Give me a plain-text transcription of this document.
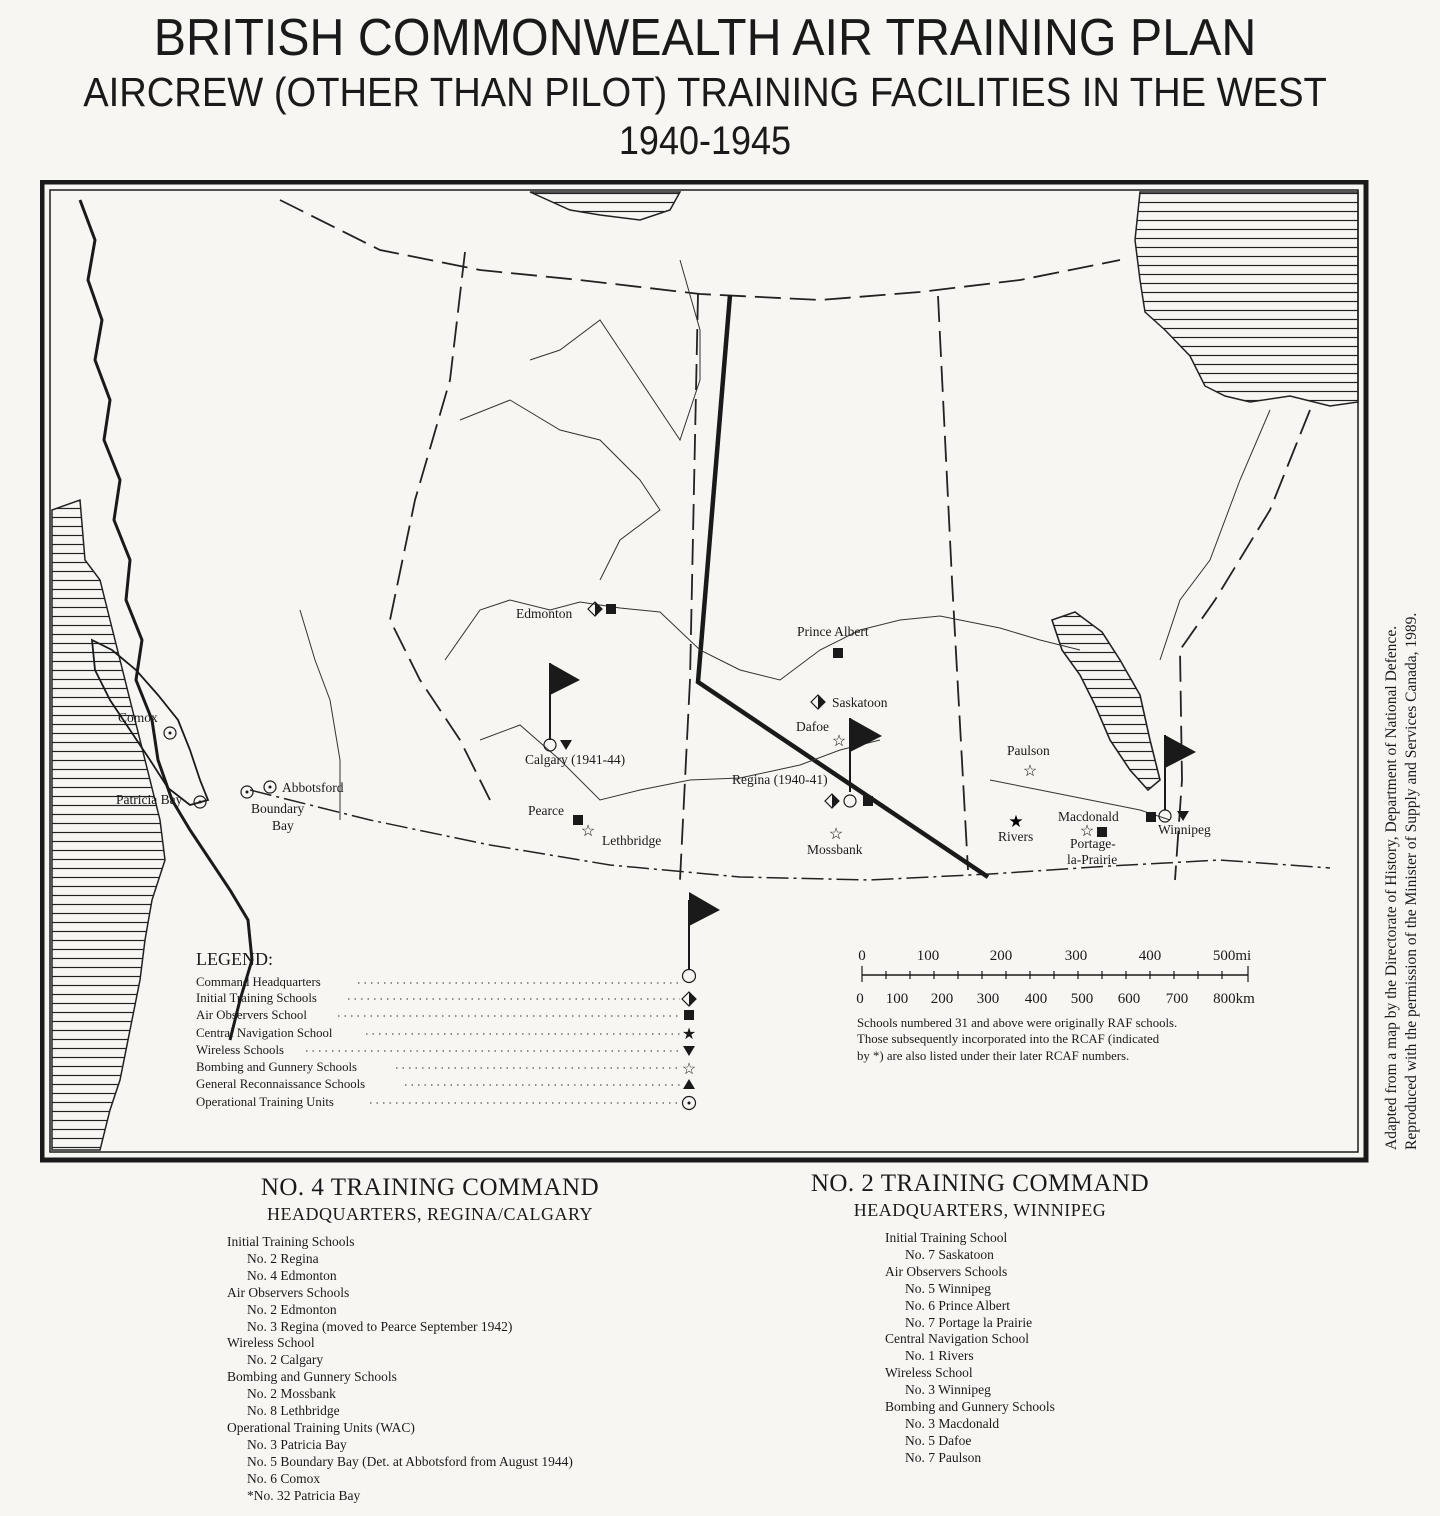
BRITISH COMMONWEALTH AIR TRAINING PLAN
AIRCREW (OTHER THAN PILOT) TRAINING FACILITIES IN THE WEST
1940-1945
☆
☆
☆
☆
★
☆
Edmonton
Calgary (1941-44)
Comox
Patricia Bay
Abbotsford
Boundary
Bay
Pearce
Lethbridge
Prince Albert
Saskatoon
Dafoe
Regina (1940-41)
Mossbank
Paulson
Rivers
Macdonald
Portage-
la-Prairie
Winnipeg
LEGEND:
Command Headquarters
Initial Training Schools
Air Observers School
Central Navigation School
Wireless Schools
Bombing and Gunnery Schools
General Reconnaissance Schools
Operational Training Units
★
☆
0	100	200	300	400	500mi
0 100 200 300 400 500 600 700 800km
Schools numbered 31 and above were originally RAF schools.
Those subsequently incorporated into the RCAF (indicated
by *) are also listed under their later RCAF numbers.	Adapted from a map by the Directorate of History, Department of National Defence. Reproduced with the permission of the Minister of Supply and Services Canada, 1989.
NO. 4 TRAINING COMMAND
HEADQUARTERS, REGINA/CALGARY
Initial Training Schools
No. 2 Regina
No. 4 Edmonton
Air Observers Schools
No. 2 Edmonton
No. 3 Regina (moved to Pearce September 1942)
Wireless School
No. 2 Calgary
Bombing and Gunnery Schools
No. 2 Mossbank
No. 8 Lethbridge
Operational Training Units (WAC)
No. 3 Patricia Bay
No. 5 Boundary Bay (Det. at Abbotsford from August 1944)
No. 6 Comox
*No. 32 Patricia Bay
NO. 2 TRAINING COMMAND
HEADQUARTERS, WINNIPEG
Initial Training School
No. 7 Saskatoon
Air Observers Schools
No. 5 Winnipeg
No. 6 Prince Albert
No. 7 Portage la Prairie
Central Navigation School
No. 1 Rivers
Wireless School
No. 3 Winnipeg
Bombing and Gunnery Schools
No. 3 Macdonald
No. 5 Dafoe
No. 7 Paulson
